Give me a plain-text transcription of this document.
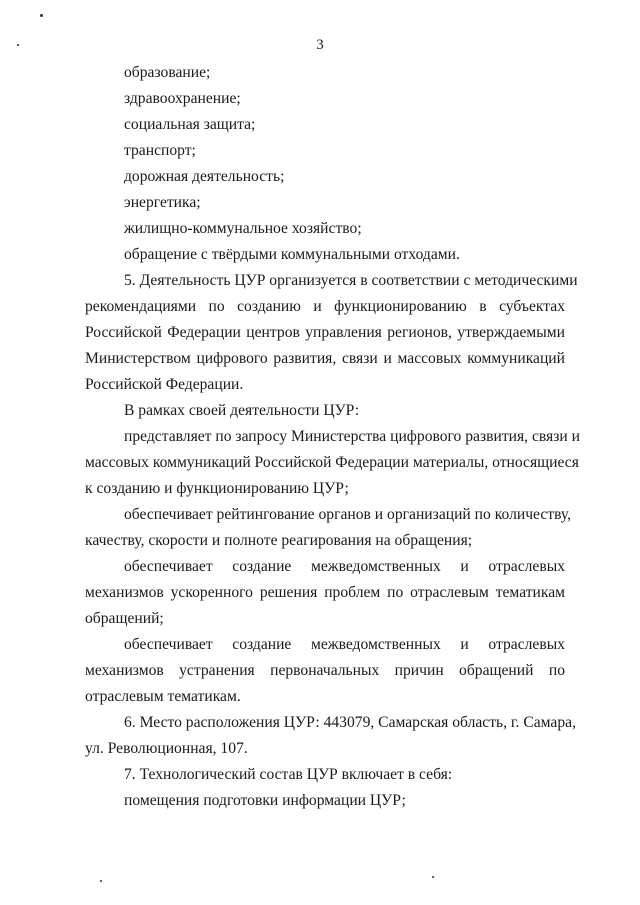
3
образование;
здравоохранение;
социальная защита;
транспорт;
дорожная деятельность;
энергетика;
жилищно-коммунальное хозяйство;
обращение с твёрдыми коммунальными отходами.
5. Деятельность ЦУР организуется в соответствии с методическими
рекомендациями по созданию и функционированию в субъектах
Российской Федерации центров управления регионов, утверждаемыми
Министерством цифрового развития, связи и массовых коммуникаций
Российской Федерации.
В рамках своей деятельности ЦУР:
представляет по запросу Министерства цифрового развития, связи и
массовых коммуникаций Российской Федерации материалы, относящиеся
к созданию и функционированию ЦУР;
обеспечивает рейтингование органов и организаций по количеству,
качеству, скорости и полноте реагирования на обращения;
обеспечивает создание межведомственных и отраслевых
механизмов ускоренного решения проблем по отраслевым тематикам
обращений;
обеспечивает создание межведомственных и отраслевых
механизмов устранения первоначальных причин обращений по
отраслевым тематикам.
6. Место расположения ЦУР: 443079, Самарская область, г. Самара,
ул. Революционная, 107.
7. Технологический состав ЦУР включает в себя:
помещения подготовки информации ЦУР;
